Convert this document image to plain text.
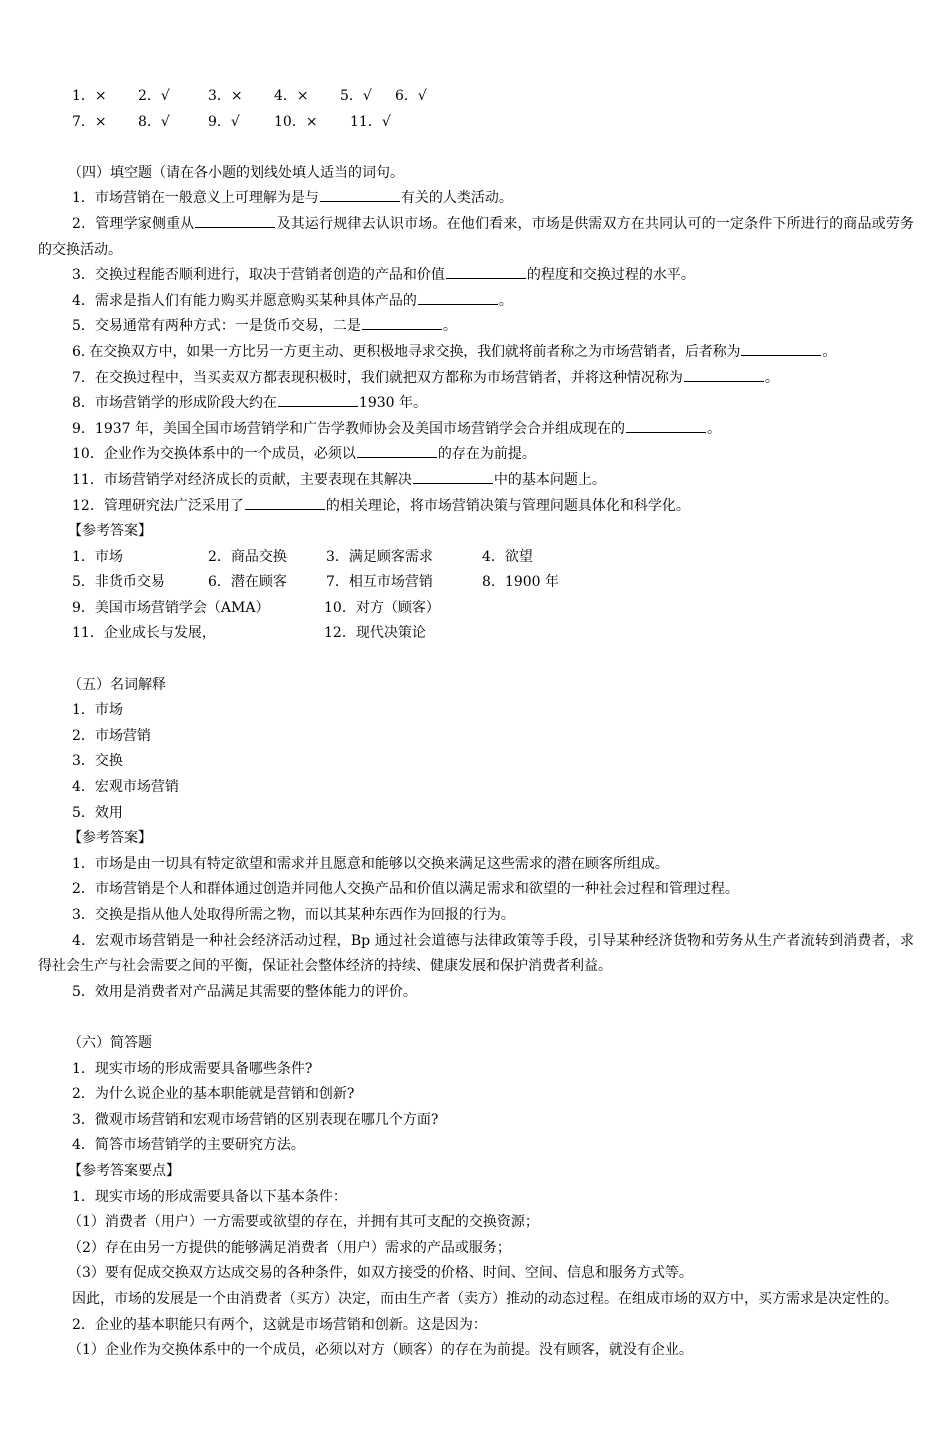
1．× 2．√	3．× 4．× 5．√ 6．√
7．× 8．√	9．√ 10．× 11．√
（四）填空题（请在各小题的划线处填人适当的词句。
1．市场营销在一般意义上可理解为是与	有关的人类活动。
2．管理学家侧重从	及其运行规律去认识市场。在他们看来，市场是供需双方在共同认可的一定条件下所进行的商品或劳务的交换活动。
3．交换过程能否顺利进行，取决于营销者创造的产品和价值	的程度和交换过程的水平。
4．需求是指人们有能力购买并愿意购买某种具体产品的	。
5．交易通常有两种方式：一是货币交易，二是	。
6. 在交换双方中，如果一方比另一方更主动、更积极地寻求交换，我们就将前者称之为市场营销者，后者称为	。
7．在交换过程中，当买卖双方都表现积极时，我们就把双方都称为市场营销者，并将这种情况称为	。
8．市场营销学的形成阶段大约在	1930 年。
9．1937 年，美国全国市场营销学和广告学教师协会及美国市场营销学会合并组成现在的	。
10．企业作为交换体系中的一个成员，必须以	的存在为前提。
11．市场营销学对经济成长的贡献，主要表现在其解决	中的基本问题上。
12．管理研究法广泛采用了	的相关理论，将市场营销决策与管理问题具体化和科学化。
【参考答案】
1．市场	2．商品交换	3．满足顾客需求	4．欲望
5．非货币交易	6．潜在顾客	7．相互市场营销	8．1900 年
9．美国市场营销学会（AMA）	10．对方（顾客）
11．企业成长与发展，	12．现代决策论
（五）名词解释
1．市场
2．市场营销
3．交换
4．宏观市场营销
5．效用
【参考答案】
1．市场是由一切具有特定欲望和需求并且愿意和能够以交换来满足这些需求的潜在顾客所组成。
2．市场营销是个人和群体通过创造并同他人交换产品和价值以满足需求和欲望的一种社会过程和管理过程。
3．交换是指从他人处取得所需之物，而以其某种东西作为回报的行为。
4．宏观市场营销是一种社会经济活动过程，Bp 通过社会道德与法律政策等手段，引导某种经济货物和劳务从生产者流转到消费者，求得社会生产与社会需要之间的平衡，保证社会整体经济的持续、健康发展和保护消费者利益。
5．效用是消费者对产品满足其需要的整体能力的评价。
（六）简答题
1．现实市场的形成需要具备哪些条件?
2．为什么说企业的基本职能就是营销和创新?
3．微观市场营销和宏观市场营销的区别表现在哪几个方面?
4．简答市场营销学的主要研究方法。
【参考答案要点】
1．现实市场的形成需要具备以下基本条件：
（1）消费者（用户）一方需要或欲望的存在，并拥有其可支配的交换资源；
（2）存在由另一方提供的能够满足消费者（用户）需求的产品或服务；
（3）要有促成交换双方达成交易的各种条件，如双方接受的价格、时间、空间、信息和服务方式等。
因此，市场的发展是一个由消费者（买方）决定，而由生产者（卖方）推动的动态过程。在组成市场的双方中，买方需求是决定性的。
2．企业的基本职能只有两个，这就是市场营销和创新。这是因为：
（1）企业作为交换体系中的一个成员，必须以对方（顾客）的存在为前提。没有顾客，就没有企业。
